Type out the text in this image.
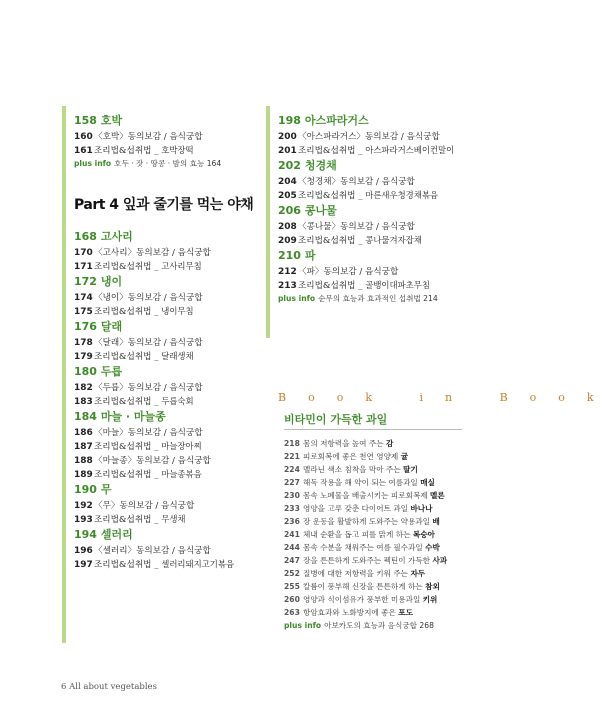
158 호박
160〈호박〉동의보감 / 음식궁합
161조리법&섭취법 _ 호박장떡
plus info 호두 · 잣 · 땅콩 · 밤의 효능 164
Part 4 잎과 줄기를 먹는 야채
168 고사리
170〈고사리〉동의보감 / 음식궁합
171조리법&섭취법 _ 고사리무침
172 냉이
174〈냉이〉동의보감 / 음식궁합
175조리법&섭취법 _ 냉이무침
176 달래
178〈달래〉동의보감 / 음식궁합
179조리법&섭취법 _ 달래생채
180 두릅
182〈두릅〉동의보감 / 음식궁합
183조리법&섭취법 _ 두릅숙회
184 마늘 · 마늘종
186〈마늘〉동의보감 / 음식궁합
187조리법&섭취법 _ 마늘장아찌
188〈마늘종〉동의보감 / 음식궁합
189조리법&섭취법 _ 마늘종볶음
190 무
192〈무〉동의보감 / 음식궁합
193조리법&섭취법 _ 무생채
194 셀러리
196〈셀러리〉동의보감 / 음식궁합
197조리법&섭취법 _ 셀러리돼지고기볶음
198 아스파라거스
200〈아스파라거스〉동의보감 / 음식궁합
201조리법&섭취법 _ 아스파라거스베이컨말이
202 청경채
204〈청경채〉동의보감 / 음식궁합
205조리법&섭취법 _ 마른새우청경채볶음
206 콩나물
208〈콩나물〉동의보감 / 음식궁합
209조리법&섭취법 _ 콩나물겨자잡채
210 파
212〈파〉동의보감 / 음식궁합
213조리법&섭취법 _ 골뱅이대파초무침
plus info 순무의 효능과 효과적인 섭취법 214
Book in Book
비타민이 가득한 과일
218 몸의 저항력을 높여 주는 감
221 피로회복에 좋은 천연 영양제 귤
224 멜라닌 색소 침착을 막아 주는 딸기
227 해독 작용을 해 약이 되는 여름과일 매실
230 몸속 노폐물을 배출시키는 피로회복제 멜론
233 영양을 고루 갖춘 다이어트 과일 바나나
236 장 운동을 활발하게 도와주는 약용과일 배
241 체내 순환을 돕고 피를 맑게 하는 복숭아
244 몸속 수분을 채워주는 여름 필수과일 수박
247 장을 튼튼하게 도와주는 펙틴이 가득한 사과
252 질병에 대한 저항력을 키워 주는 자두
255 칼륨이 풍부해 신장을 튼튼하게 하는 참외
260 영양과 식이섬유가 풍부한 미용과일 키위
263 항암효과와 노화방지에 좋은 포도
plus info 아보카도의 효능과 음식궁합 268
6 All about vegetables
